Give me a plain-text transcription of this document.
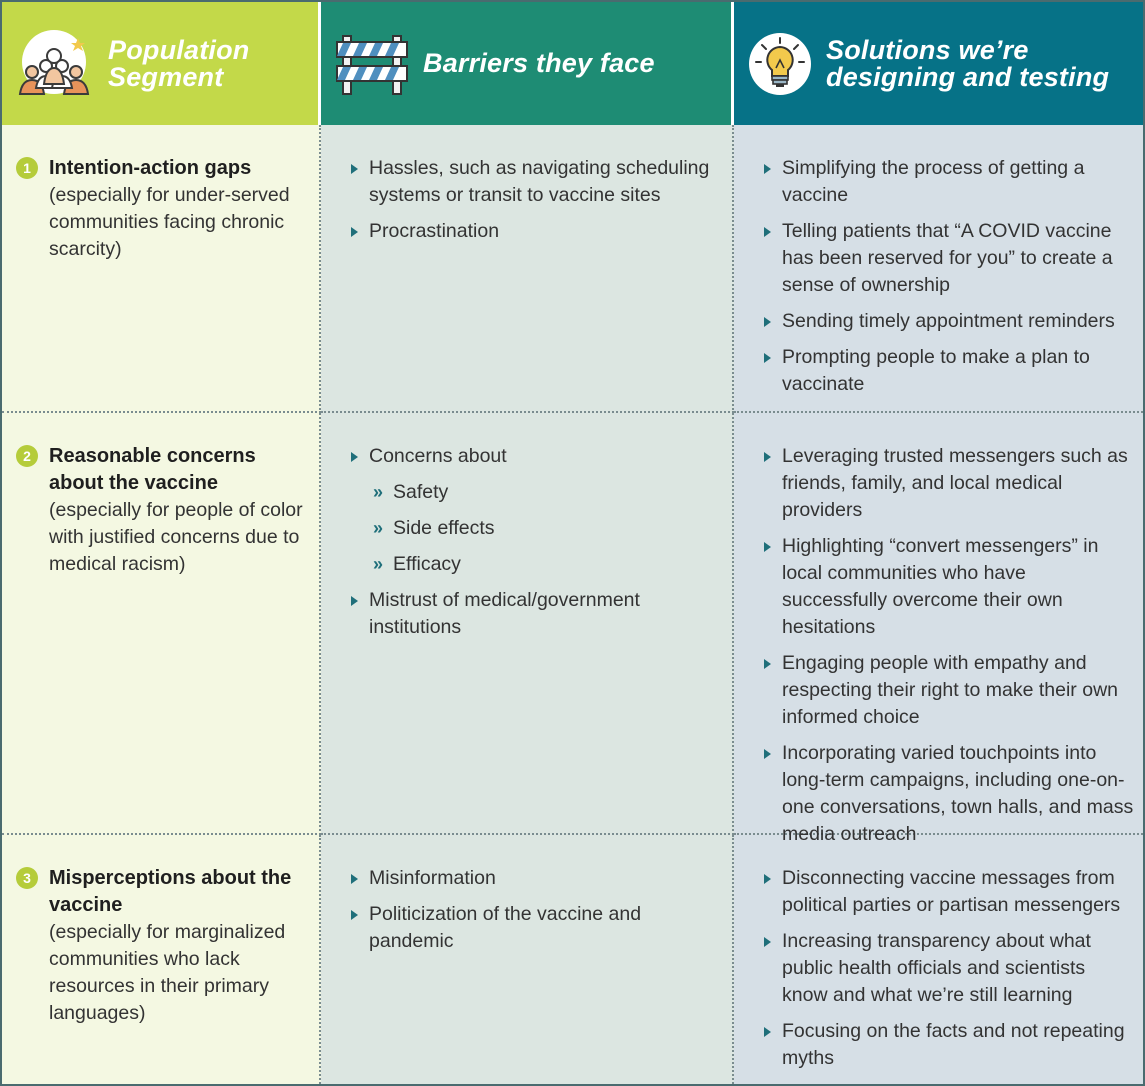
Population
Segment	Barriers they face	Solutions we’re
designing and testing
1 Intention-action gaps
(especially for under-served communities facing chronic scarcity)
Hassles, such as navigating scheduling systems or transit to vaccine sites
Procrastination
Simplifying the process of getting a vaccine
Telling patients that “A COVID vaccine has been reserved for you” to create a sense of ownership
Sending timely appointment reminders
Prompting people to make a plan to vaccinate
2 Reasonable concerns about the vaccine
(especially for people of color with justified concerns due to medical racism)
Concerns about
» Safety
» Side effects
» Efficacy
Mistrust of medical/government institutions
Leveraging trusted messengers such as friends, family, and local medical providers
Highlighting “convert messengers” in local communities who have successfully overcome their own hesitations
Engaging people with empathy and respecting their right to make their own informed choice
Incorporating varied touchpoints into long-term campaigns, including one-on-one conversations, town halls, and mass media outreach
3 Misperceptions about the vaccine
(especially for marginalized communities who lack resources in their primary languages)
Misinformation
Politicization of the vaccine and pandemic
Disconnecting vaccine messages from political parties or partisan messengers
Increasing transparency about what public health officials and scientists know and what we’re still learning
Focusing on the facts and not repeating myths
